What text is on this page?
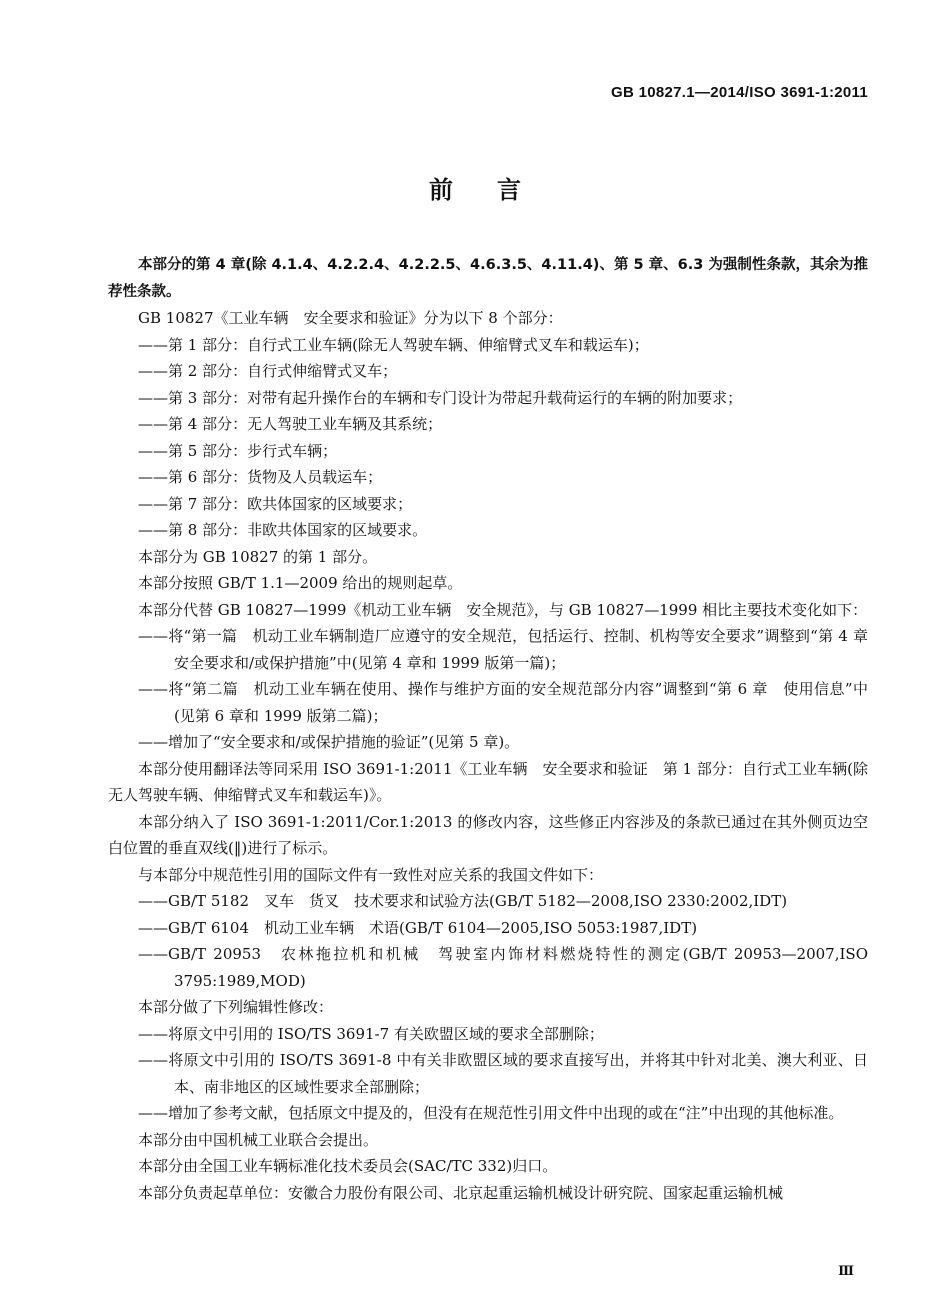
GB 10827.1—2014/ISO 3691-1:2011
前言

本部分的第 4 章(除 4.1.4、4.2.2.4、4.2.2.5、4.6.3.5、4.11.4)、第 5 章、6.3 为强制性条款，其余为推荐性条款。

GB 10827《工业车辆　安全要求和验证》分为以下 8 个部分：

——第 1 部分：自行式工业车辆(除无人驾驶车辆、伸缩臂式叉车和载运车)；

——第 2 部分：自行式伸缩臂式叉车；

——第 3 部分：对带有起升操作台的车辆和专门设计为带起升载荷运行的车辆的附加要求；

——第 4 部分：无人驾驶工业车辆及其系统；

——第 5 部分：步行式车辆；

——第 6 部分：货物及人员载运车；

——第 7 部分：欧共体国家的区域要求；

——第 8 部分：非欧共体国家的区域要求。

本部分为 GB 10827 的第 1 部分。

本部分按照 GB/T 1.1—2009 给出的规则起草。

本部分代替 GB 10827—1999《机动工业车辆　安全规范》，与 GB 10827—1999 相比主要技术变化如下：

——将“第一篇　机动工业车辆制造厂应遵守的安全规范，包括运行、控制、机构等安全要求”调整到“第 4 章　安全要求和/或保护措施”中(见第 4 章和 1999 版第一篇)；

——将“第二篇　机动工业车辆在使用、操作与维护方面的安全规范部分内容”调整到“第 6 章　使用信息”中(见第 6 章和 1999 版第二篇)；

——增加了“安全要求和/或保护措施的验证”(见第 5 章)。

本部分使用翻译法等同采用 ISO 3691-1:2011《工业车辆　安全要求和验证　第 1 部分：自行式工业车辆(除无人驾驶车辆、伸缩臂式叉车和载运车)》。

本部分纳入了 ISO 3691-1:2011/Cor.1:2013 的修改内容，这些修正内容涉及的条款已通过在其外侧页边空白位置的垂直双线(‖)进行了标示。

与本部分中规范性引用的国际文件有一致性对应关系的我国文件如下：

——GB/T 5182　叉车　货叉　技术要求和试验方法(GB/T 5182—2008,ISO 2330:2002,IDT)

——GB/T 6104　机动工业车辆　术语(GB/T 6104—2005,ISO 5053:1987,IDT)

——GB/T 20953　农林拖拉机和机械　驾驶室内饰材料燃烧特性的测定(GB/T 20953—2007,ISO 3795:1989,MOD)

本部分做了下列编辑性修改：

——将原文中引用的 ISO/TS 3691-7 有关欧盟区域的要求全部删除；

——将原文中引用的 ISO/TS 3691-8 中有关非欧盟区域的要求直接写出，并将其中针对北美、澳大利亚、日本、南非地区的区域性要求全部删除；

——增加了参考文献，包括原文中提及的，但没有在规范性引用文件中出现的或在“注”中出现的其他标准。

本部分由中国机械工业联合会提出。

本部分由全国工业车辆标准化技术委员会(SAC/TC 332)归口。

本部分负责起草单位：安徽合力股份有限公司、北京起重运输机械设计研究院、国家起重运输机械

Ⅲ
